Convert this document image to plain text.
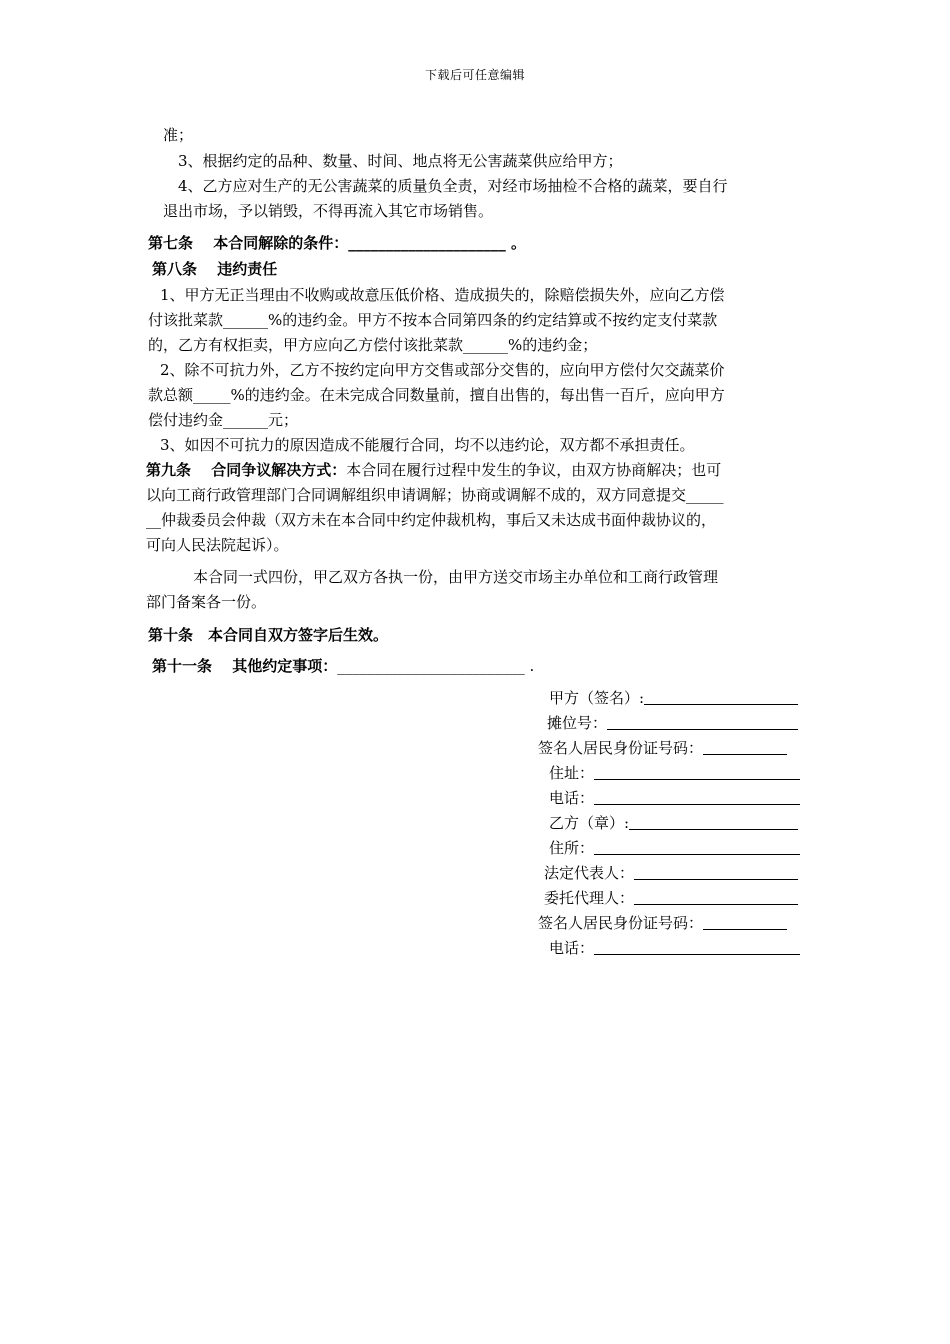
下载后可任意编辑
准；
3、根据约定的品种、数量、时间、地点将无公害蔬菜供应给甲方；
4、乙方应对生产的无公害蔬菜的质量负全责，对经市场抽检不合格的蔬菜，要自行
退出市场，予以销毁，不得再流入其它市场销售。
第七条　 本合同解除的条件：_____________________ 。
第八条　 违约责任
1、甲方无正当理由不收购或故意压低价格、造成损失的，除赔偿损失外，应向乙方偿
付该批菜款______%的违约金。甲方不按本合同第四条的约定结算或不按约定支付菜款
的，乙方有权拒卖，甲方应向乙方偿付该批菜款______%的违约金；
2、除不可抗力外，乙方不按约定向甲方交售或部分交售的，应向甲方偿付欠交蔬菜价
款总额_____%的违约金。在未完成合同数量前，擅自出售的，每出售一百斤，应向甲方
偿付违约金______元；
3、如因不可抗力的原因造成不能履行合同，均不以违约论，双方都不承担责任。
第九条　 合同争议解决方式：本合同在履行过程中发生的争议，由双方协商解决；也可
以向工商行政管理部门合同调解组织申请调解；协商或调解不成的，双方同意提交_____
__仲裁委员会仲裁（双方未在本合同中约定仲裁机构，事后又未达成书面仲裁协议的，
可向人民法院起诉）。
本合同一式四份，甲乙双方各执一份，由甲方送交市场主办单位和工商行政管理
部门备案各一份。
第十条　本合同自双方签字后生效。
第十一条　 其他约定事项：_________________________ .
甲方（签名）:
摊位号：
签名人居民身份证号码：
住址：
电话：
乙方（章）:
住所：
法定代表人：
委托代理人：
签名人居民身份证号码：
电话：
